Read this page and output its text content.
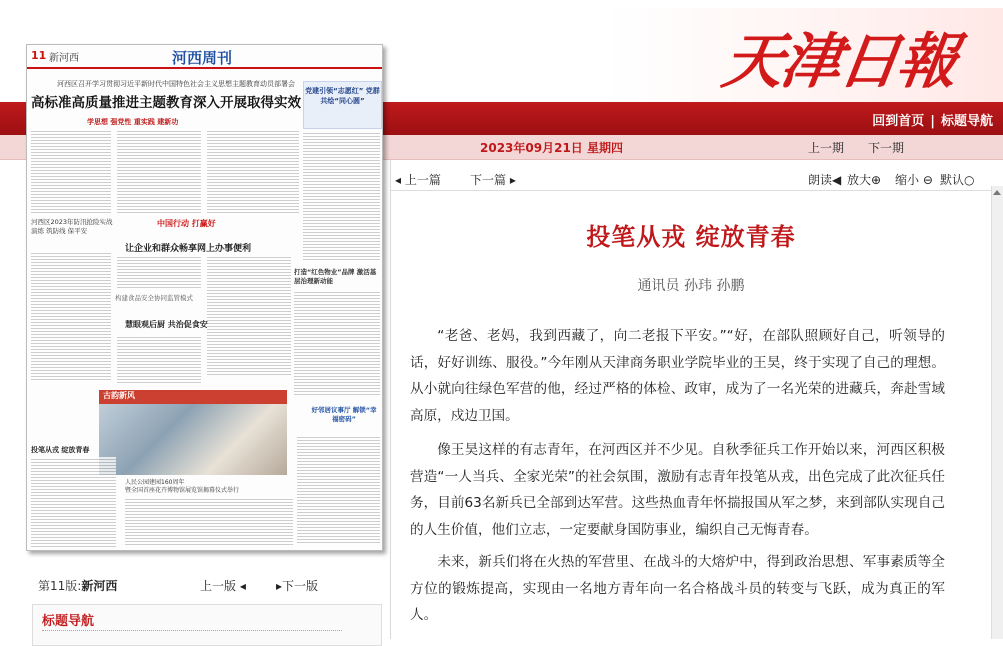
天津日報
回到首页 | 标题导航
2023年09月21日 星期四	上一期 下一期
11 新河西	河西周刊
河西区召开学习贯彻习近平新时代中国特色社会主义思想主题教育动员部署会
高标准高质量推进主题教育深入开展取得实效
学思想 强党性 重实践 建新功
党建引领“志愿红” 党群共绘“同心圆”
中国行动 打赢好
让企业和群众畅享网上办事便利
河西区2023年防汛抢险实战演练 筑防线 保平安
打造“红色物业”品牌 激活基层治理新动能
构建食品安全协同监管模式
慧眼观后厨 共治促食安
古韵新风
好邻居议事厅 解锁“幸福密码”
投笔从戎 绽放青春
人民公园建园160周年
暨全国首座花卉博物馆展览馆揭幕仪式举行
第11版:新河西	上一版 ◂	▸下一版
标题导航
◂ 上一篇 下一篇 ▸	朗读◀ 放大⊕ 缩小 ⊖ 默认○
投笔从戎 绽放青春
通讯员 孙玮 孙鹏

“老爸、老妈，我到西藏了，向二老报下平安。”“好，在部队照顾好自己，听领导的话，好好训练、服役。”今年刚从天津商务职业学院毕业的王昊，终于实现了自己的理想。从小就向往绿色军营的他，经过严格的体检、政审，成为了一名光荣的进藏兵，奔赴雪域高原，戍边卫国。

像王昊这样的有志青年，在河西区并不少见。自秋季征兵工作开始以来，河西区积极营造“一人当兵、全家光荣”的社会氛围，激励有志青年投笔从戎，出色完成了此次征兵任务，目前63名新兵已全部到达军营。这些热血青年怀揣报国从军之梦，来到部队实现自己的人生价值，他们立志，一定要献身国防事业，编织自己无悔青春。

未来，新兵们将在火热的军营里、在战斗的大熔炉中，得到政治思想、军事素质等全方位的锻炼提高，实现由一名地方青年向一名合格战斗员的转变与飞跃，成为真正的军人。
